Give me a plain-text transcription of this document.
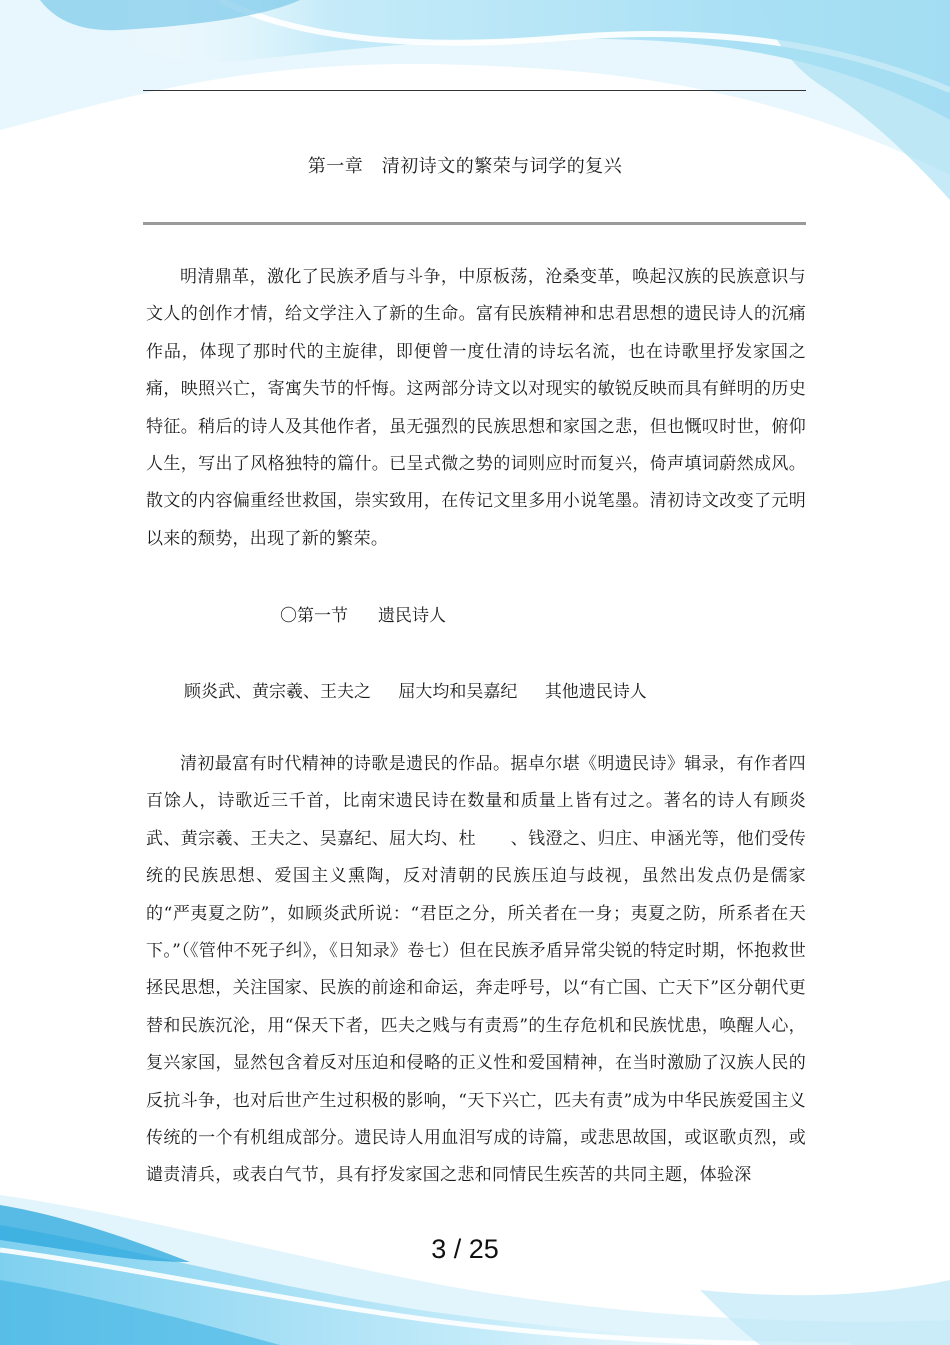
第一章　清初诗文的繁荣与词学的复兴

明清鼎革，激化了民族矛盾与斗争，中原板荡，沧桑变革，唤起汉族的民族意识与文人的创作才情，给文学注入了新的生命。富有民族精神和忠君思想的遗民诗人的沉痛作品，体现了那时代的主旋律，即便曾一度仕清的诗坛名流，也在诗歌里抒发家国之痛，映照兴亡，寄寓失节的忏悔。这两部分诗文以对现实的敏锐反映而具有鲜明的历史特征。稍后的诗人及其他作者，虽无强烈的民族思想和家国之悲，但也慨叹时世，俯仰人生，写出了风格独特的篇什。已呈式微之势的词则应时而复兴，倚声填词蔚然成风。散文的内容偏重经世救国，崇实致用，在传记文里多用小说笔墨。清初诗文改变了元明以来的颓势，出现了新的繁荣。

〇第一节 遗民诗人
顾炎武、黄宗羲、王夫之 屈大均和吴嘉纪 其他遗民诗人

清初最富有时代精神的诗歌是遗民的作品。据卓尔堪《明遗民诗》辑录，有作者四百馀人，诗歌近三千首，比南宋遗民诗在数量和质量上皆有过之。著名的诗人有顾炎武、黄宗羲、王夫之、吴嘉纪、屈大均、杜　　、钱澄之、归庄、申涵光等，他们受传统的民族思想、爱国主义熏陶，反对清朝的民族压迫与歧视，虽然出发点仍是儒家的“严夷夏之防”，如顾炎武所说：“君臣之分，所关者在一身；夷夏之防，所系者在天下。”（《管仲不死子纠》，《日知录》卷七）但在民族矛盾异常尖锐的特定时期，怀抱救世拯民思想，关注国家、民族的前途和命运，奔走呼号，以“有亡国、亡天下”区分朝代更替和民族沉沦，用“保天下者，匹夫之贱与有责焉”的生存危机和民族忧患，唤醒人心，复兴家国，显然包含着反对压迫和侵略的正义性和爱国精神，在当时激励了汉族人民的反抗斗争，也对后世产生过积极的影响，“天下兴亡，匹夫有责”成为中华民族爱国主义传统的一个有机组成部分。遗民诗人用血泪写成的诗篇，或悲思故国，或讴歌贞烈，或谴责清兵，或表白气节，具有抒发家国之悲和同情民生疾苦的共同主题，体验深

3 / 25
